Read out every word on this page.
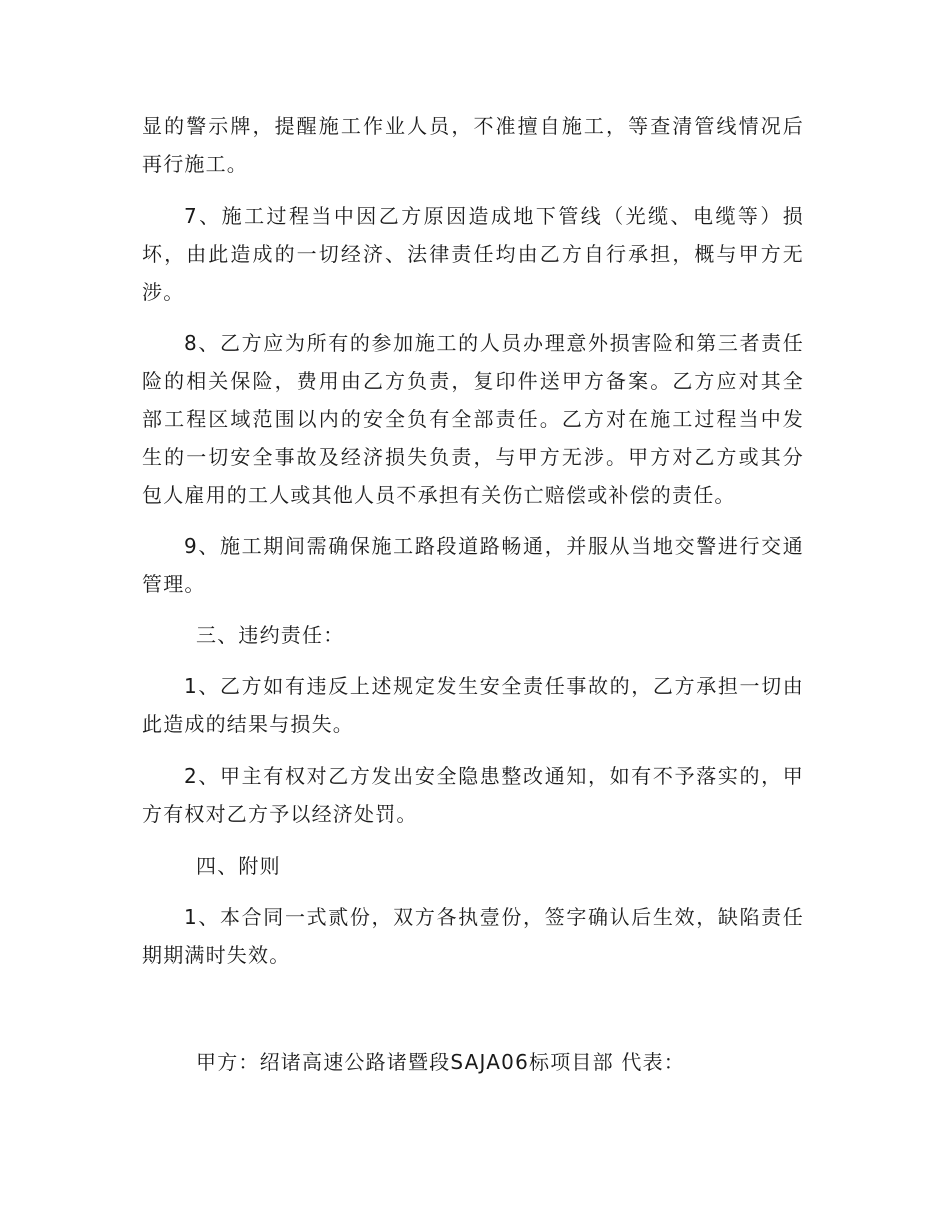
显的警示牌，提醒施工作业人员，不准擅自施工，等查清管线情况后
再行施工。
7、施工过程当中因乙方原因造成地下管线（光缆、电缆等）损
坏，由此造成的一切经济、法律责任均由乙方自行承担，概与甲方无
涉。
8、乙方应为所有的参加施工的人员办理意外损害险和第三者责任
险的相关保险，费用由乙方负责，复印件送甲方备案。乙方应对其全
部工程区域范围以内的安全负有全部责任。乙方对在施工过程当中发
生的一切安全事故及经济损失负责，与甲方无涉。甲方对乙方或其分
包人雇用的工人或其他人员不承担有关伤亡赔偿或补偿的责任。
9、施工期间需确保施工路段道路畅通，并服从当地交警进行交通
管理。
三、违约责任：
1、乙方如有违反上述规定发生安全责任事故的，乙方承担一切由
此造成的结果与损失。
2、甲主有权对乙方发出安全隐患整改通知，如有不予落实的，甲
方有权对乙方予以经济处罚。
四、附则
1、本合同一式贰份，双方各执壹份，签字确认后生效，缺陷责任
期期满时失效。
甲方：绍诸高速公路诸暨段SAJA06标项目部 代表：
